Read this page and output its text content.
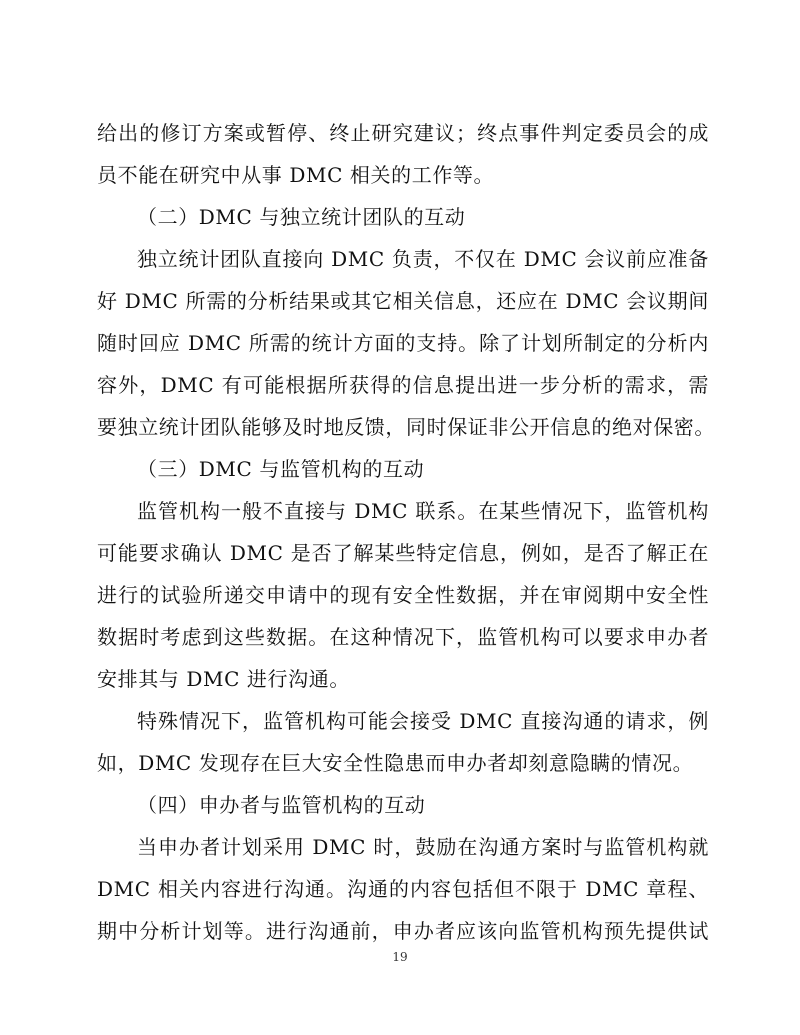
给出的修订方案或暂停、终止研究建议；终点事件判定委员会的成
员不能在研究中从事 DMC 相关的工作等。
（二）DMC 与独立统计团队的互动
独立统计团队直接向 DMC 负责，不仅在 DMC 会议前应准备
好 DMC 所需的分析结果或其它相关信息，还应在 DMC 会议期间
随时回应 DMC 所需的统计方面的支持。除了计划所制定的分析内
容外，DMC 有可能根据所获得的信息提出进一步分析的需求，需
要独立统计团队能够及时地反馈，同时保证非公开信息的绝对保密。
（三）DMC 与监管机构的互动
监管机构一般不直接与 DMC 联系。在某些情况下，监管机构
可能要求确认 DMC 是否了解某些特定信息，例如，是否了解正在
进行的试验所递交申请中的现有安全性数据，并在审阅期中安全性
数据时考虑到这些数据。在这种情况下，监管机构可以要求申办者
安排其与 DMC 进行沟通。
特殊情况下，监管机构可能会接受 DMC 直接沟通的请求，例
如，DMC 发现存在巨大安全性隐患而申办者却刻意隐瞒的情况。
（四）申办者与监管机构的互动
当申办者计划采用 DMC 时，鼓励在沟通方案时与监管机构就
DMC 相关内容进行沟通。沟通的内容包括但不限于 DMC 章程、
期中分析计划等。进行沟通前，申办者应该向监管机构预先提供试
19
